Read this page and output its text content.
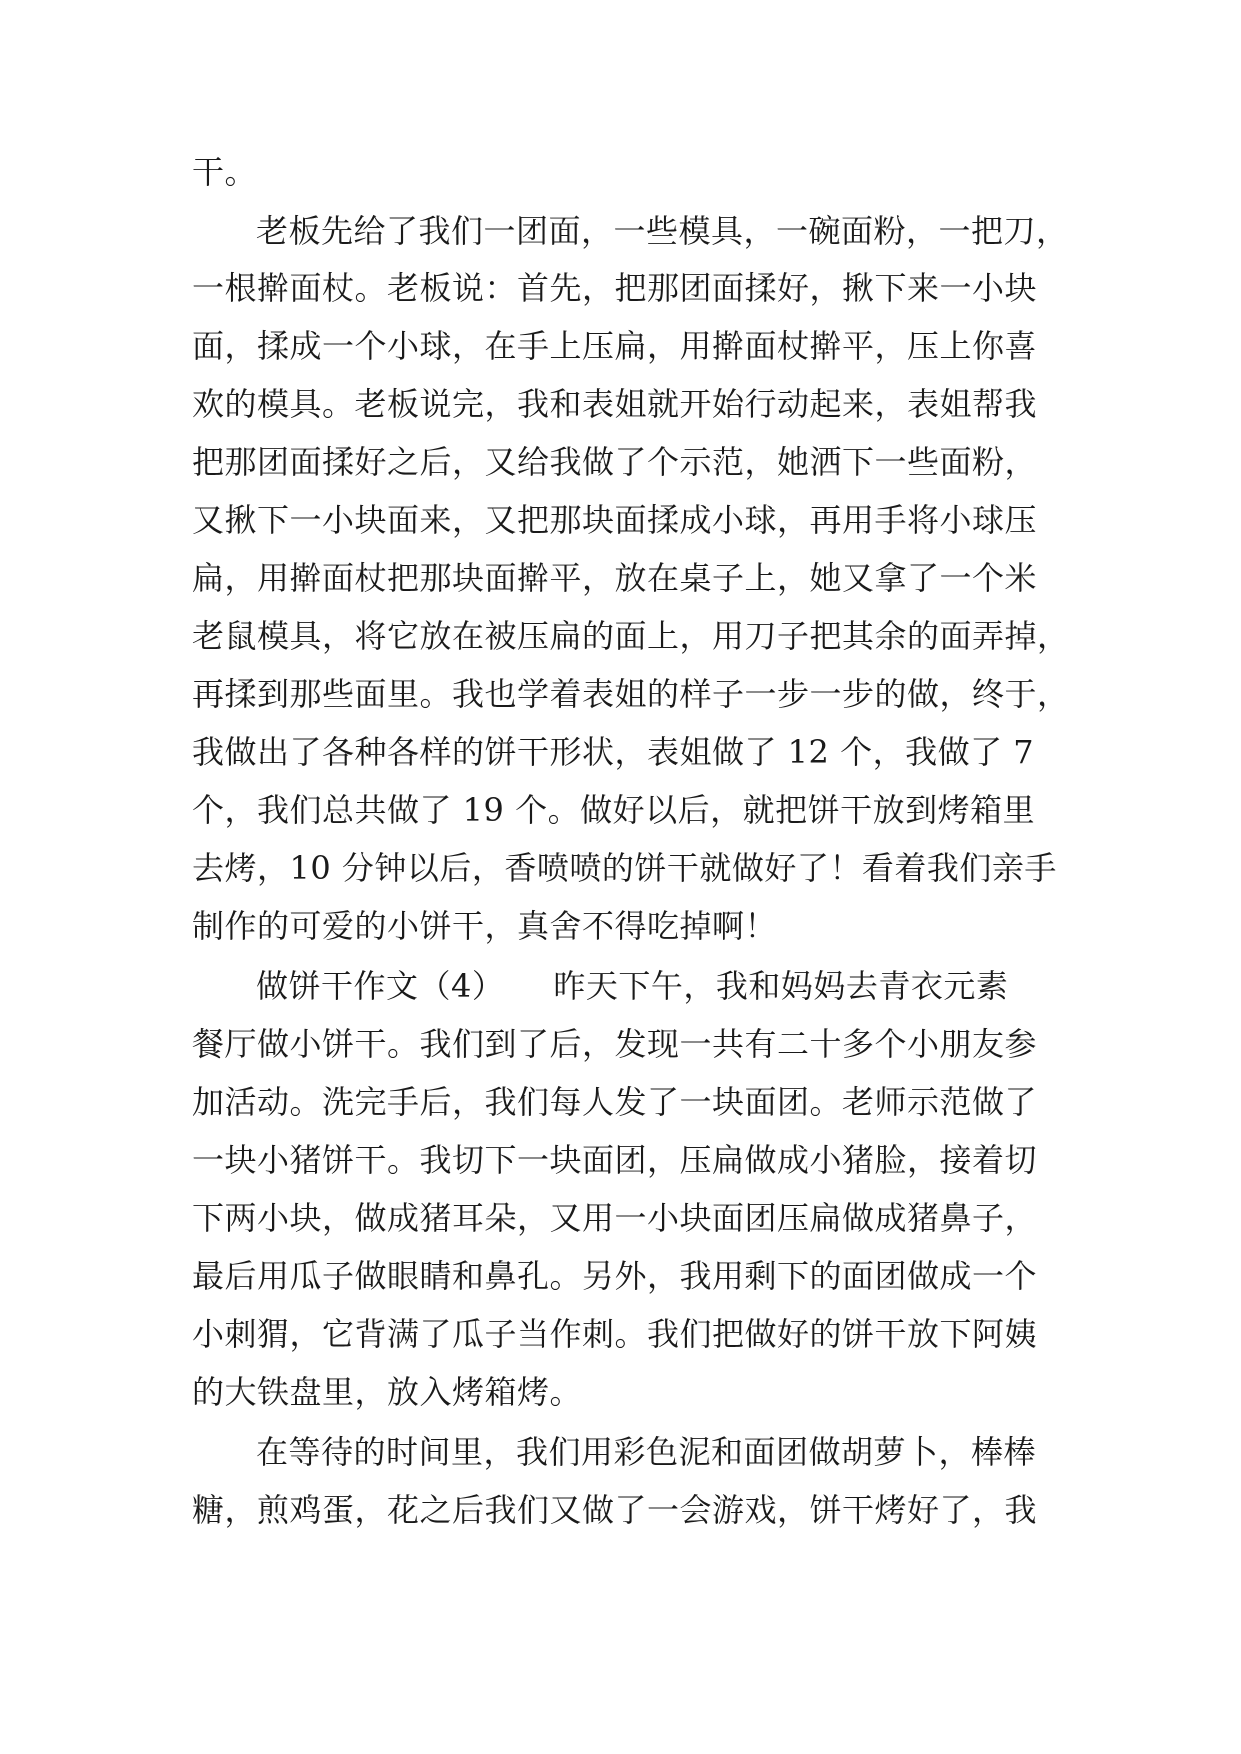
干。
老板先给了我们一团面，一些模具，一碗面粉，一把刀，
一根擀面杖。老板说：首先，把那团面揉好，揪下来一小块
面，揉成一个小球，在手上压扁，用擀面杖擀平，压上你喜
欢的模具。老板说完，我和表姐就开始行动起来，表姐帮我
把那团面揉好之后，又给我做了个示范，她洒下一些面粉，
又揪下一小块面来，又把那块面揉成小球，再用手将小球压
扁，用擀面杖把那块面擀平，放在桌子上，她又拿了一个米
老鼠模具，将它放在被压扁的面上，用刀子把其余的面弄掉，
再揉到那些面里。我也学着表姐的样子一步一步的做，终于，
我做出了各种各样的饼干形状，表姐做了 12 个，我做了 7
个，我们总共做了 19 个。做好以后，就把饼干放到烤箱里
去烤，10 分钟以后，香喷喷的饼干就做好了！看着我们亲手
制作的可爱的小饼干，真舍不得吃掉啊！
做饼干作文（4）　　昨天下午，我和妈妈去青衣元素
餐厅做小饼干。我们到了后，发现一共有二十多个小朋友参
加活动。洗完手后，我们每人发了一块面团。老师示范做了
一块小猪饼干。我切下一块面团，压扁做成小猪脸，接着切
下两小块，做成猪耳朵，又用一小块面团压扁做成猪鼻子，
最后用瓜子做眼睛和鼻孔。另外，我用剩下的面团做成一个
小刺猬，它背满了瓜子当作刺。我们把做好的饼干放下阿姨
的大铁盘里，放入烤箱烤。
在等待的时间里，我们用彩色泥和面团做胡萝卜，棒棒
糖，煎鸡蛋，花之后我们又做了一会游戏，饼干烤好了，我
